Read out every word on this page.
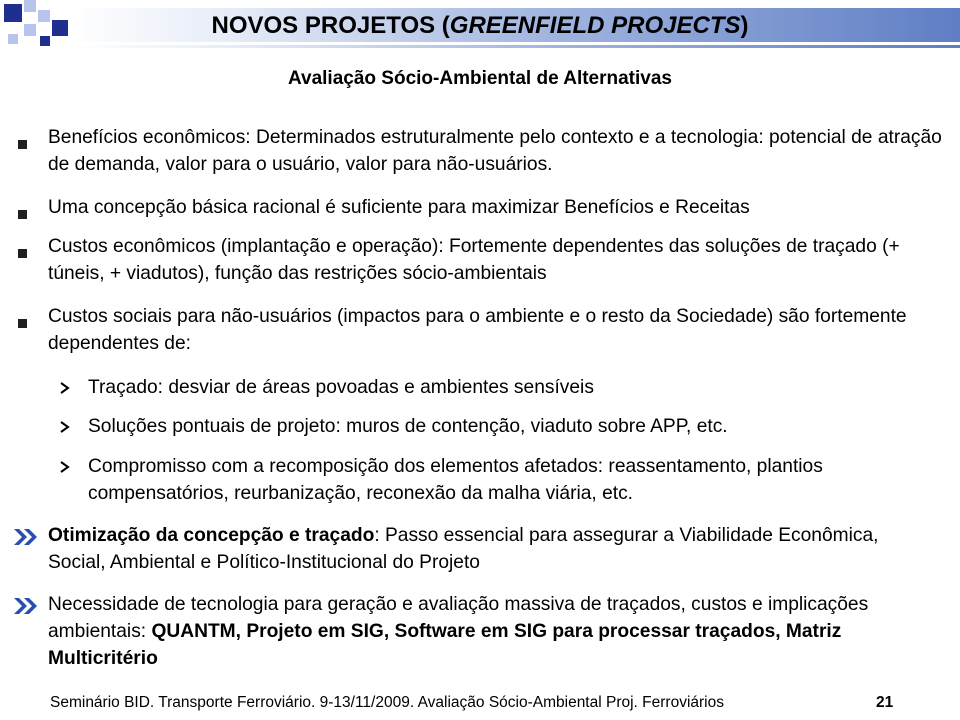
NOVOS PROJETOS (GREENFIELD PROJECTS)
Avaliação Sócio-Ambiental de Alternativas
Benefícios econômicos: Determinados estruturalmente pelo contexto e a tecnologia: potencial de atração de demanda, valor para o usuário, valor para não-usuários.
Uma concepção básica racional é suficiente para maximizar Benefícios e Receitas
Custos econômicos (implantação e operação): Fortemente dependentes das soluções de traçado (+ túneis, + viadutos), função das restrições sócio-ambientais
Custos sociais para não-usuários (impactos para o ambiente e o resto da Sociedade) são fortemente dependentes de:
Traçado: desviar de áreas povoadas e ambientes sensíveis
Soluções pontuais de projeto: muros de contenção, viaduto sobre APP, etc.
Compromisso com a recomposição dos elementos afetados: reassentamento, plantios compensatórios, reurbanização, reconexão da malha viária, etc.
Otimização da concepção e traçado: Passo essencial para assegurar a Viabilidade Econômica, Social, Ambiental e Político-Institucional do Projeto
Necessidade de tecnologia para geração e avaliação massiva de traçados, custos e implicações ambientais: QUANTM, Projeto em SIG, Software em SIG para processar traçados, Matriz Multicritério
Seminário BID. Transporte Ferroviário. 9-13/11/2009. Avaliação Sócio-Ambiental Proj. Ferroviários	21
